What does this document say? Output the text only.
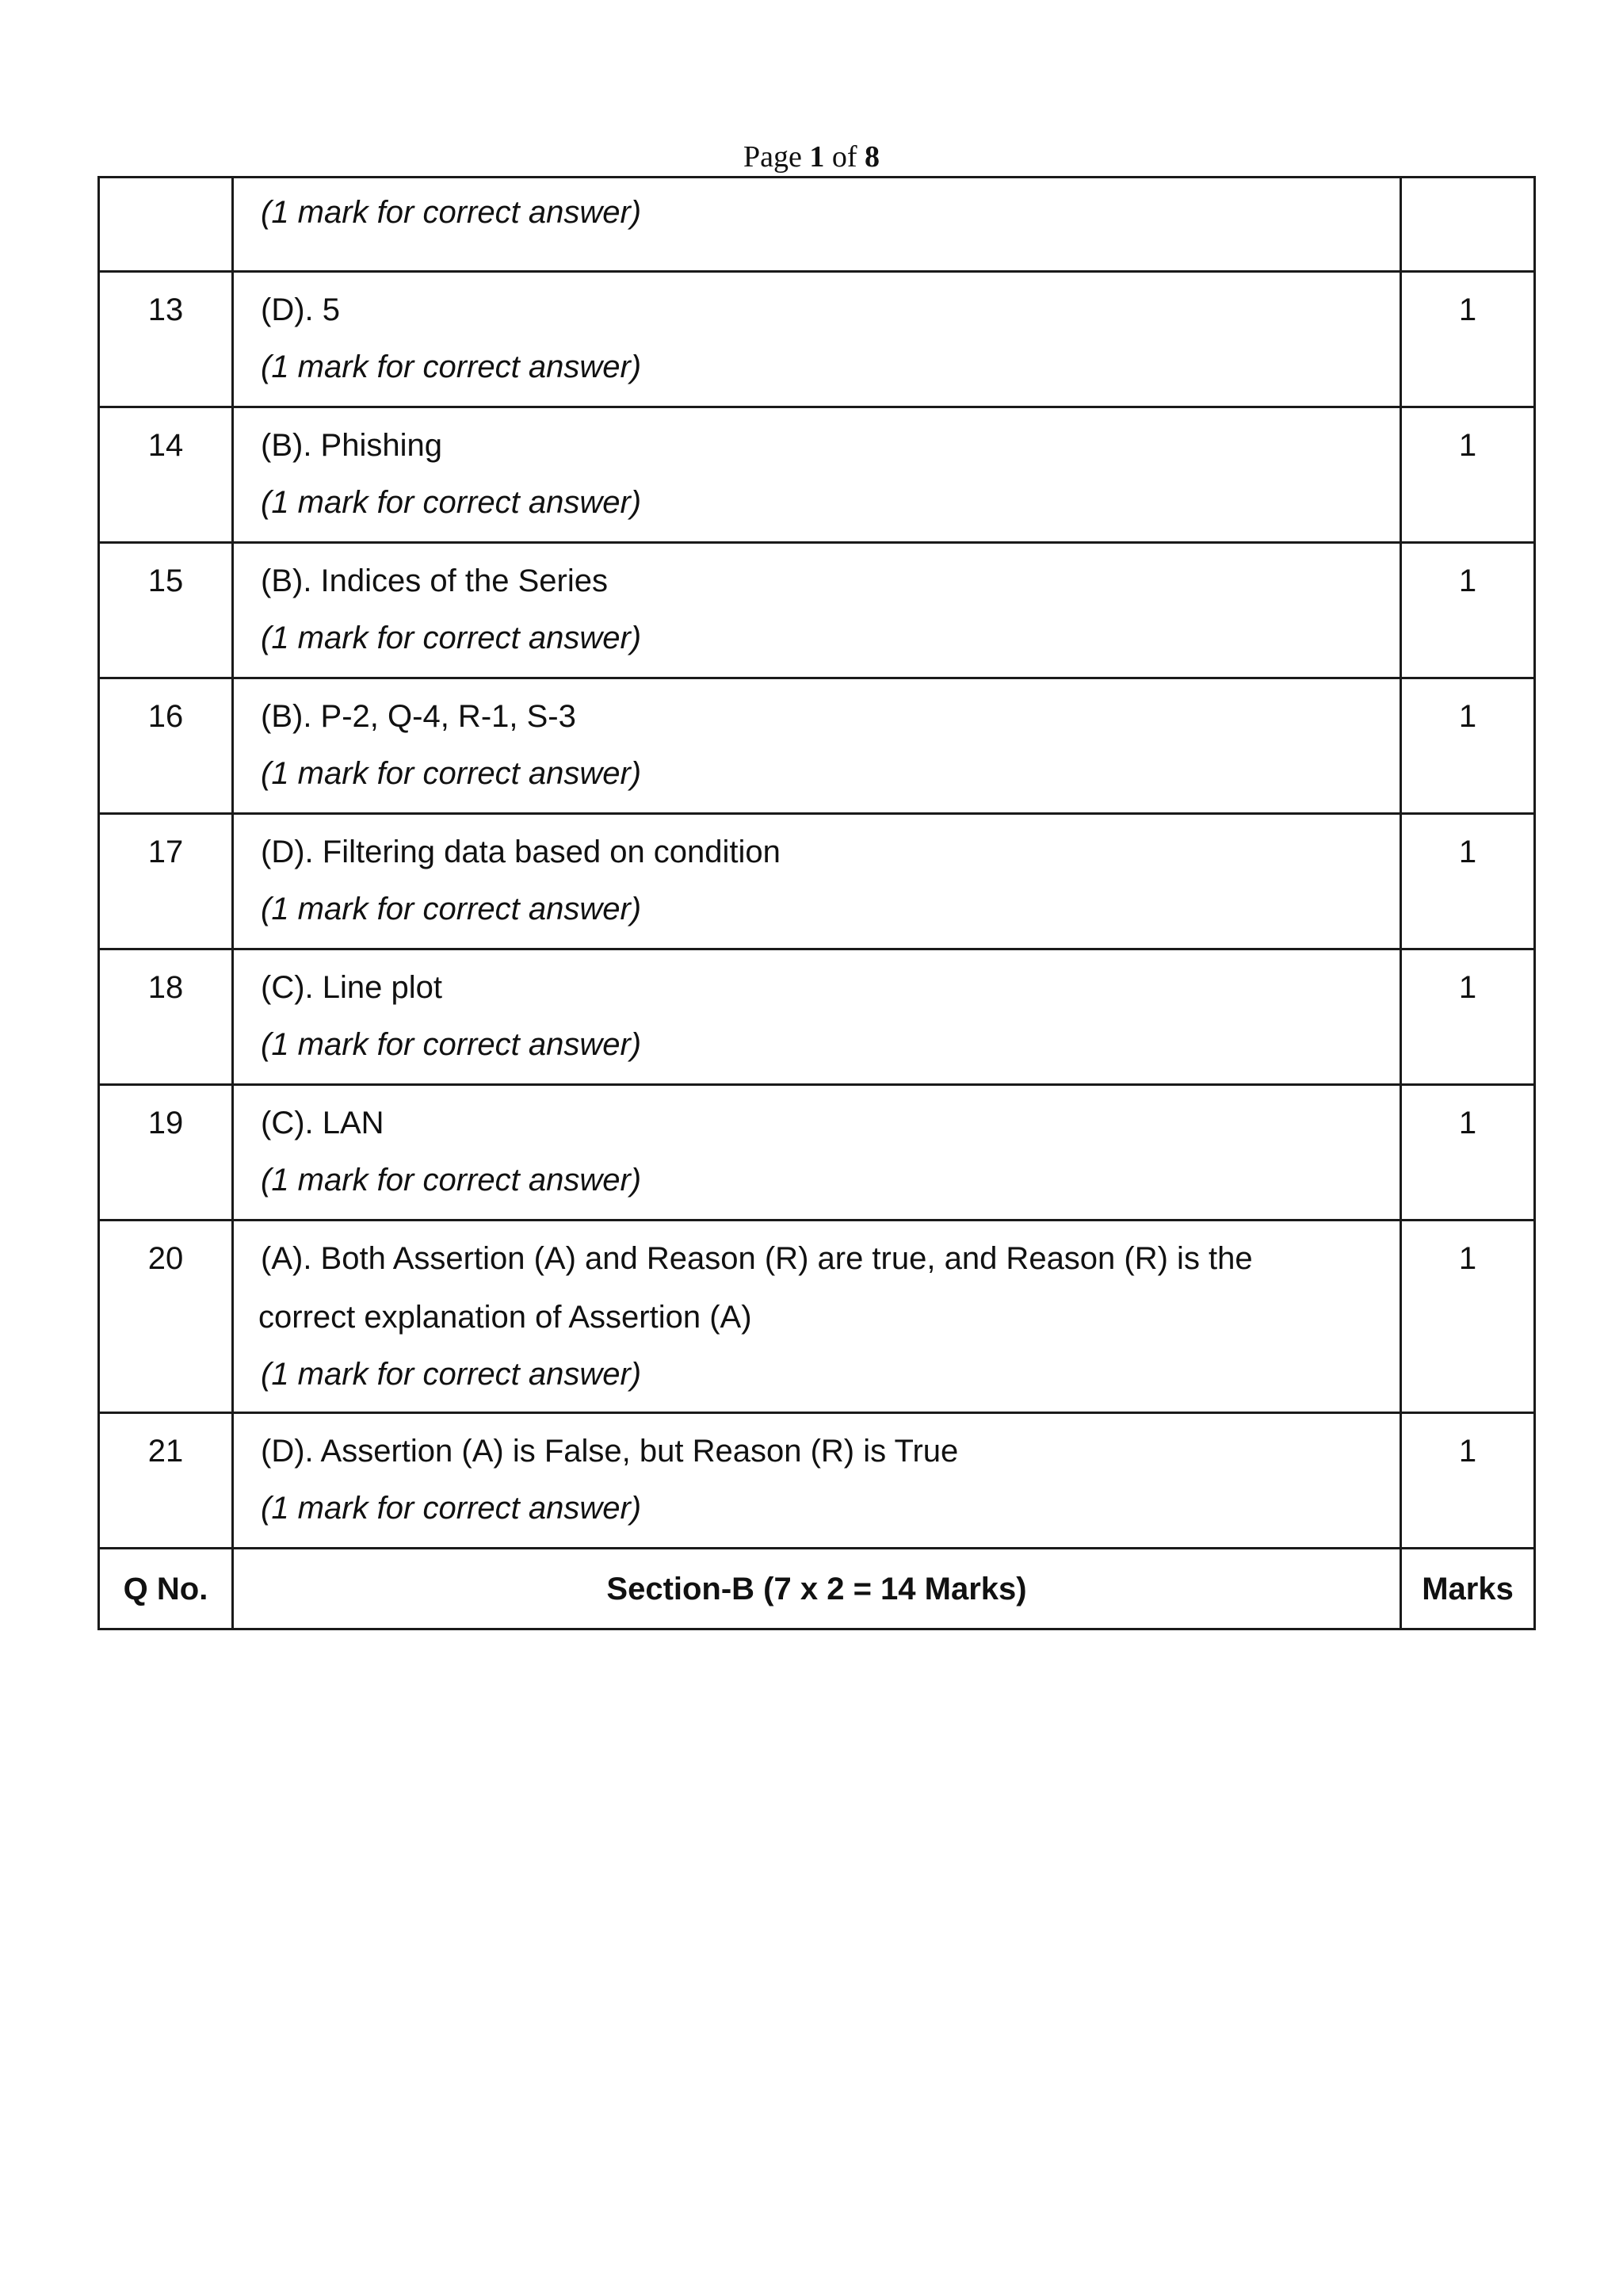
Page 1 of 8

	(1 mark for correct answer)	

13	(D). 5
(1 mark for correct answer)	1
14	(B). Phishing
(1 mark for correct answer)	1
15	(B). Indices of the Series
(1 mark for correct answer)	1
16	(B). P-2, Q-4, R-1, S-3
(1 mark for correct answer)	1
17	(D). Filtering data based on condition
(1 mark for correct answer)	1
18	(C). Line plot
(1 mark for correct answer)	1
19	(C). LAN
(1 mark for correct answer)	1
20	(A). Both Assertion (A) and Reason (R) are true, and Reason (R) is the
correct explanation of Assertion (A)
(1 mark for correct answer)	1
21	(D). Assertion (A) is False, but Reason (R) is True
(1 mark for correct answer)	1
Q No.	Section-B (7 x 2 = 14 Marks)	Marks
